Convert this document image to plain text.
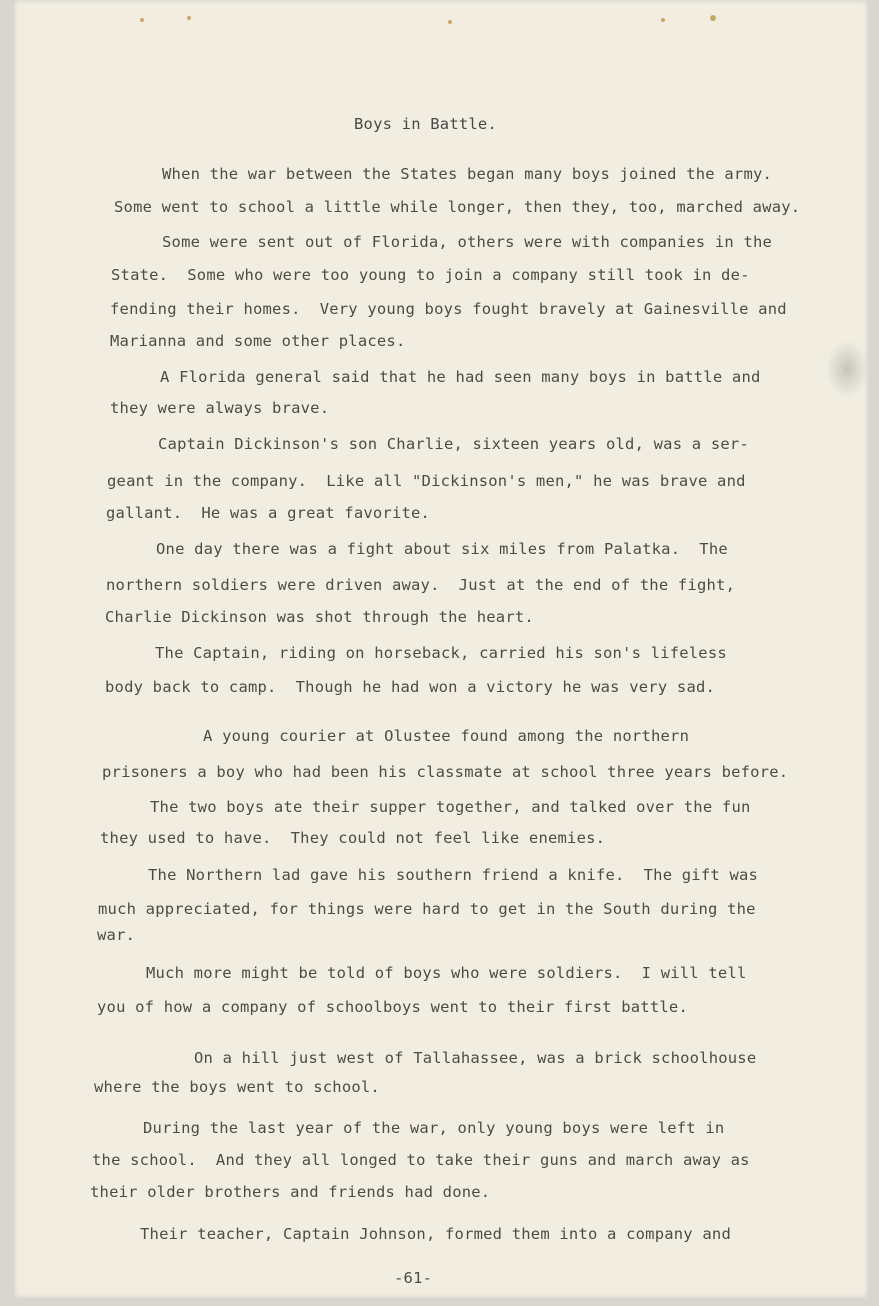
Boys in Battle.
When the war between the States began many boys joined the army.
Some went to school a little while longer, then they, too, marched away.
Some were sent out of Florida, others were with companies in the
State.  Some who were too young to join a company still took in de-
fending their homes.  Very young boys fought bravely at Gainesville and
Marianna and some other places.
A Florida general said that he had seen many boys in battle and
they were always brave.
Captain Dickinson's son Charlie, sixteen years old, was a ser-
geant in the company.  Like all "Dickinson's men," he was brave and
gallant.  He was a great favorite.
One day there was a fight about six miles from Palatka.  The
northern soldiers were driven away.  Just at the end of the fight,
Charlie Dickinson was shot through the heart.
The Captain, riding on horseback, carried his son's lifeless
body back to camp.  Though he had won a victory he was very sad.
A young courier at Olustee found among the northern
prisoners a boy who had been his classmate at school three years before.
The two boys ate their supper together, and talked over the fun
they used to have.  They could not feel like enemies.
The Northern lad gave his southern friend a knife.  The gift was
much appreciated, for things were hard to get in the South during the
war.
Much more might be told of boys who were soldiers.  I will tell
you of how a company of schoolboys went to their first battle.
On a hill just west of Tallahassee, was a brick schoolhouse
where the boys went to school.
During the last year of the war, only young boys were left in
the school.  And they all longed to take their guns and march away as
their older brothers and friends had done.
Their teacher, Captain Johnson, formed them into a company and
-61-
